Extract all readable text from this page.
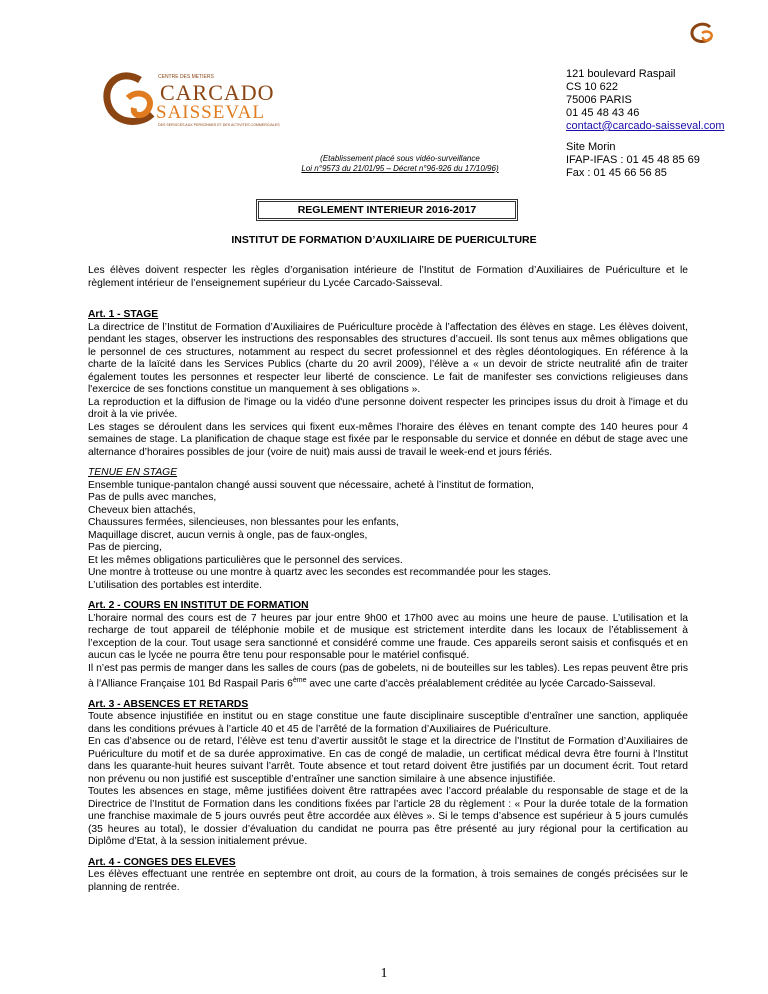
CENTRE DES METIERS
CARCADO
SAISSEVAL
DES SERVICES AUX PERSONNES ET DES ACTIVITES COMMERCIALES
121 boulevard Raspail
CS 10 622
75006 PARIS
01 45 48 43 46
contact@carcado-saisseval.com
Site Morin
IFAP-IFAS : 01 45 48 85 69
Fax : 01 45 66 56 85
(Etablissement placé sous vidéo-surveillance
Loi n°9573 du 21/01/95 – Décret n°96-926 du 17/10/96)
REGLEMENT INTERIEUR 2016-2017
INSTITUT DE FORMATION D’AUXILIAIRE DE PUERICULTURE

Les élèves doivent respecter les règles d’organisation intérieure de l’Institut de Formation d’Auxiliaires de Puériculture et le règlement intérieur de l’enseignement supérieur du Lycée Carcado-Saisseval.

Art. 1 - STAGE

La directrice de l’Institut de Formation d’Auxiliaires de Puériculture procède à l’affectation des élèves en stage. Les élèves doivent, pendant les stages, observer les instructions des responsables des structures d’accueil. Ils sont tenus aux mêmes obligations que le personnel de ces structures, notamment au respect du secret professionnel et des règles déontologiques. En référence à la charte de la laïcité dans les Services Publics (charte du 20 avril 2009), l’élève a « un devoir de stricte neutralité afin de traiter également toutes les personnes et respecter leur liberté de conscience. Le fait de manifester ses convictions religieuses dans l'exercice de ses fonctions constitue un manquement à ses obligations ».

La reproduction et la diffusion de l'image ou la vidéo d'une personne doivent respecter les principes issus du droit à l'image et du droit à la vie privée.

Les stages se déroulent dans les services qui fixent eux-mêmes l’horaire des élèves en tenant compte des 140 heures pour 4 semaines de stage. La planification de chaque stage est fixée par le responsable du service et donnée en début de stage avec une alternance d’horaires possibles de jour (voire de nuit) mais aussi de travail le week-end et jours fériés.

TENUE EN STAGE

Ensemble tunique-pantalon changé aussi souvent que nécessaire, acheté à l’institut de formation,

Pas de pulls avec manches,

Cheveux bien attachés,

Chaussures fermées, silencieuses, non blessantes pour les enfants,

Maquillage discret, aucun vernis à ongle, pas de faux-ongles,

Pas de piercing,

Et les mêmes obligations particulières que le personnel des services.

Une montre à trotteuse ou une montre à quartz avec les secondes est recommandée pour les stages.

L’utilisation des portables est interdite.

Art. 2 - COURS EN INSTITUT DE FORMATION

L’horaire normal des cours est de 7 heures par jour entre 9h00 et 17h00 avec au moins une heure de pause. L’utilisation et la recharge de tout appareil de téléphonie mobile et de musique est strictement interdite dans les locaux de l’établissement à l’exception de la cour. Tout usage sera sanctionné et considéré comme une fraude. Ces appareils seront saisis et confisqués et en aucun cas le lycée ne pourra être tenu pour responsable pour le matériel confisqué.

Il n’est pas permis de manger dans les salles de cours (pas de gobelets, ni de bouteilles sur les tables). Les repas peuvent être pris à l’Alliance Française 101 Bd Raspail Paris 6ème avec une carte d’accès préalablement créditée au lycée Carcado-Saisseval.

Art. 3 - ABSENCES ET RETARDS

Toute absence injustifiée en institut ou en stage constitue une faute disciplinaire susceptible d’entraîner une sanction, appliquée dans les conditions prévues à l’article 40 et 45 de l’arrêté de la formation d’Auxiliaires de Puériculture.

En cas d’absence ou de retard, l’élève est tenu d’avertir aussitôt le stage et la directrice de l’Institut de Formation d’Auxiliaires de Puériculture du motif et de sa durée approximative. En cas de congé de maladie, un certificat médical devra être fourni à l’Institut dans les quarante-huit heures suivant l’arrêt. Toute absence et tout retard doivent être justifiés par un document écrit. Tout retard non prévenu ou non justifié est susceptible d’entraîner une sanction similaire à une absence injustifiée.

Toutes les absences en stage, même justifiées doivent être rattrapées avec l’accord préalable du responsable de stage et de la Directrice de l’Institut de Formation dans les conditions fixées par l’article 28 du règlement : « Pour la durée totale de la formation une franchise maximale de 5 jours ouvrés peut être accordée aux élèves ». Si le temps d’absence est supérieur à 5 jours cumulés (35 heures au total), le dossier d’évaluation du candidat ne pourra pas être présenté au jury régional pour la certification au Diplôme d’Etat, à la session initialement prévue.

Art. 4 - CONGES DES ELEVES

Les élèves effectuant une rentrée en septembre ont droit, au cours de la formation, à trois semaines de congés précisées sur le planning de rentrée.

1
